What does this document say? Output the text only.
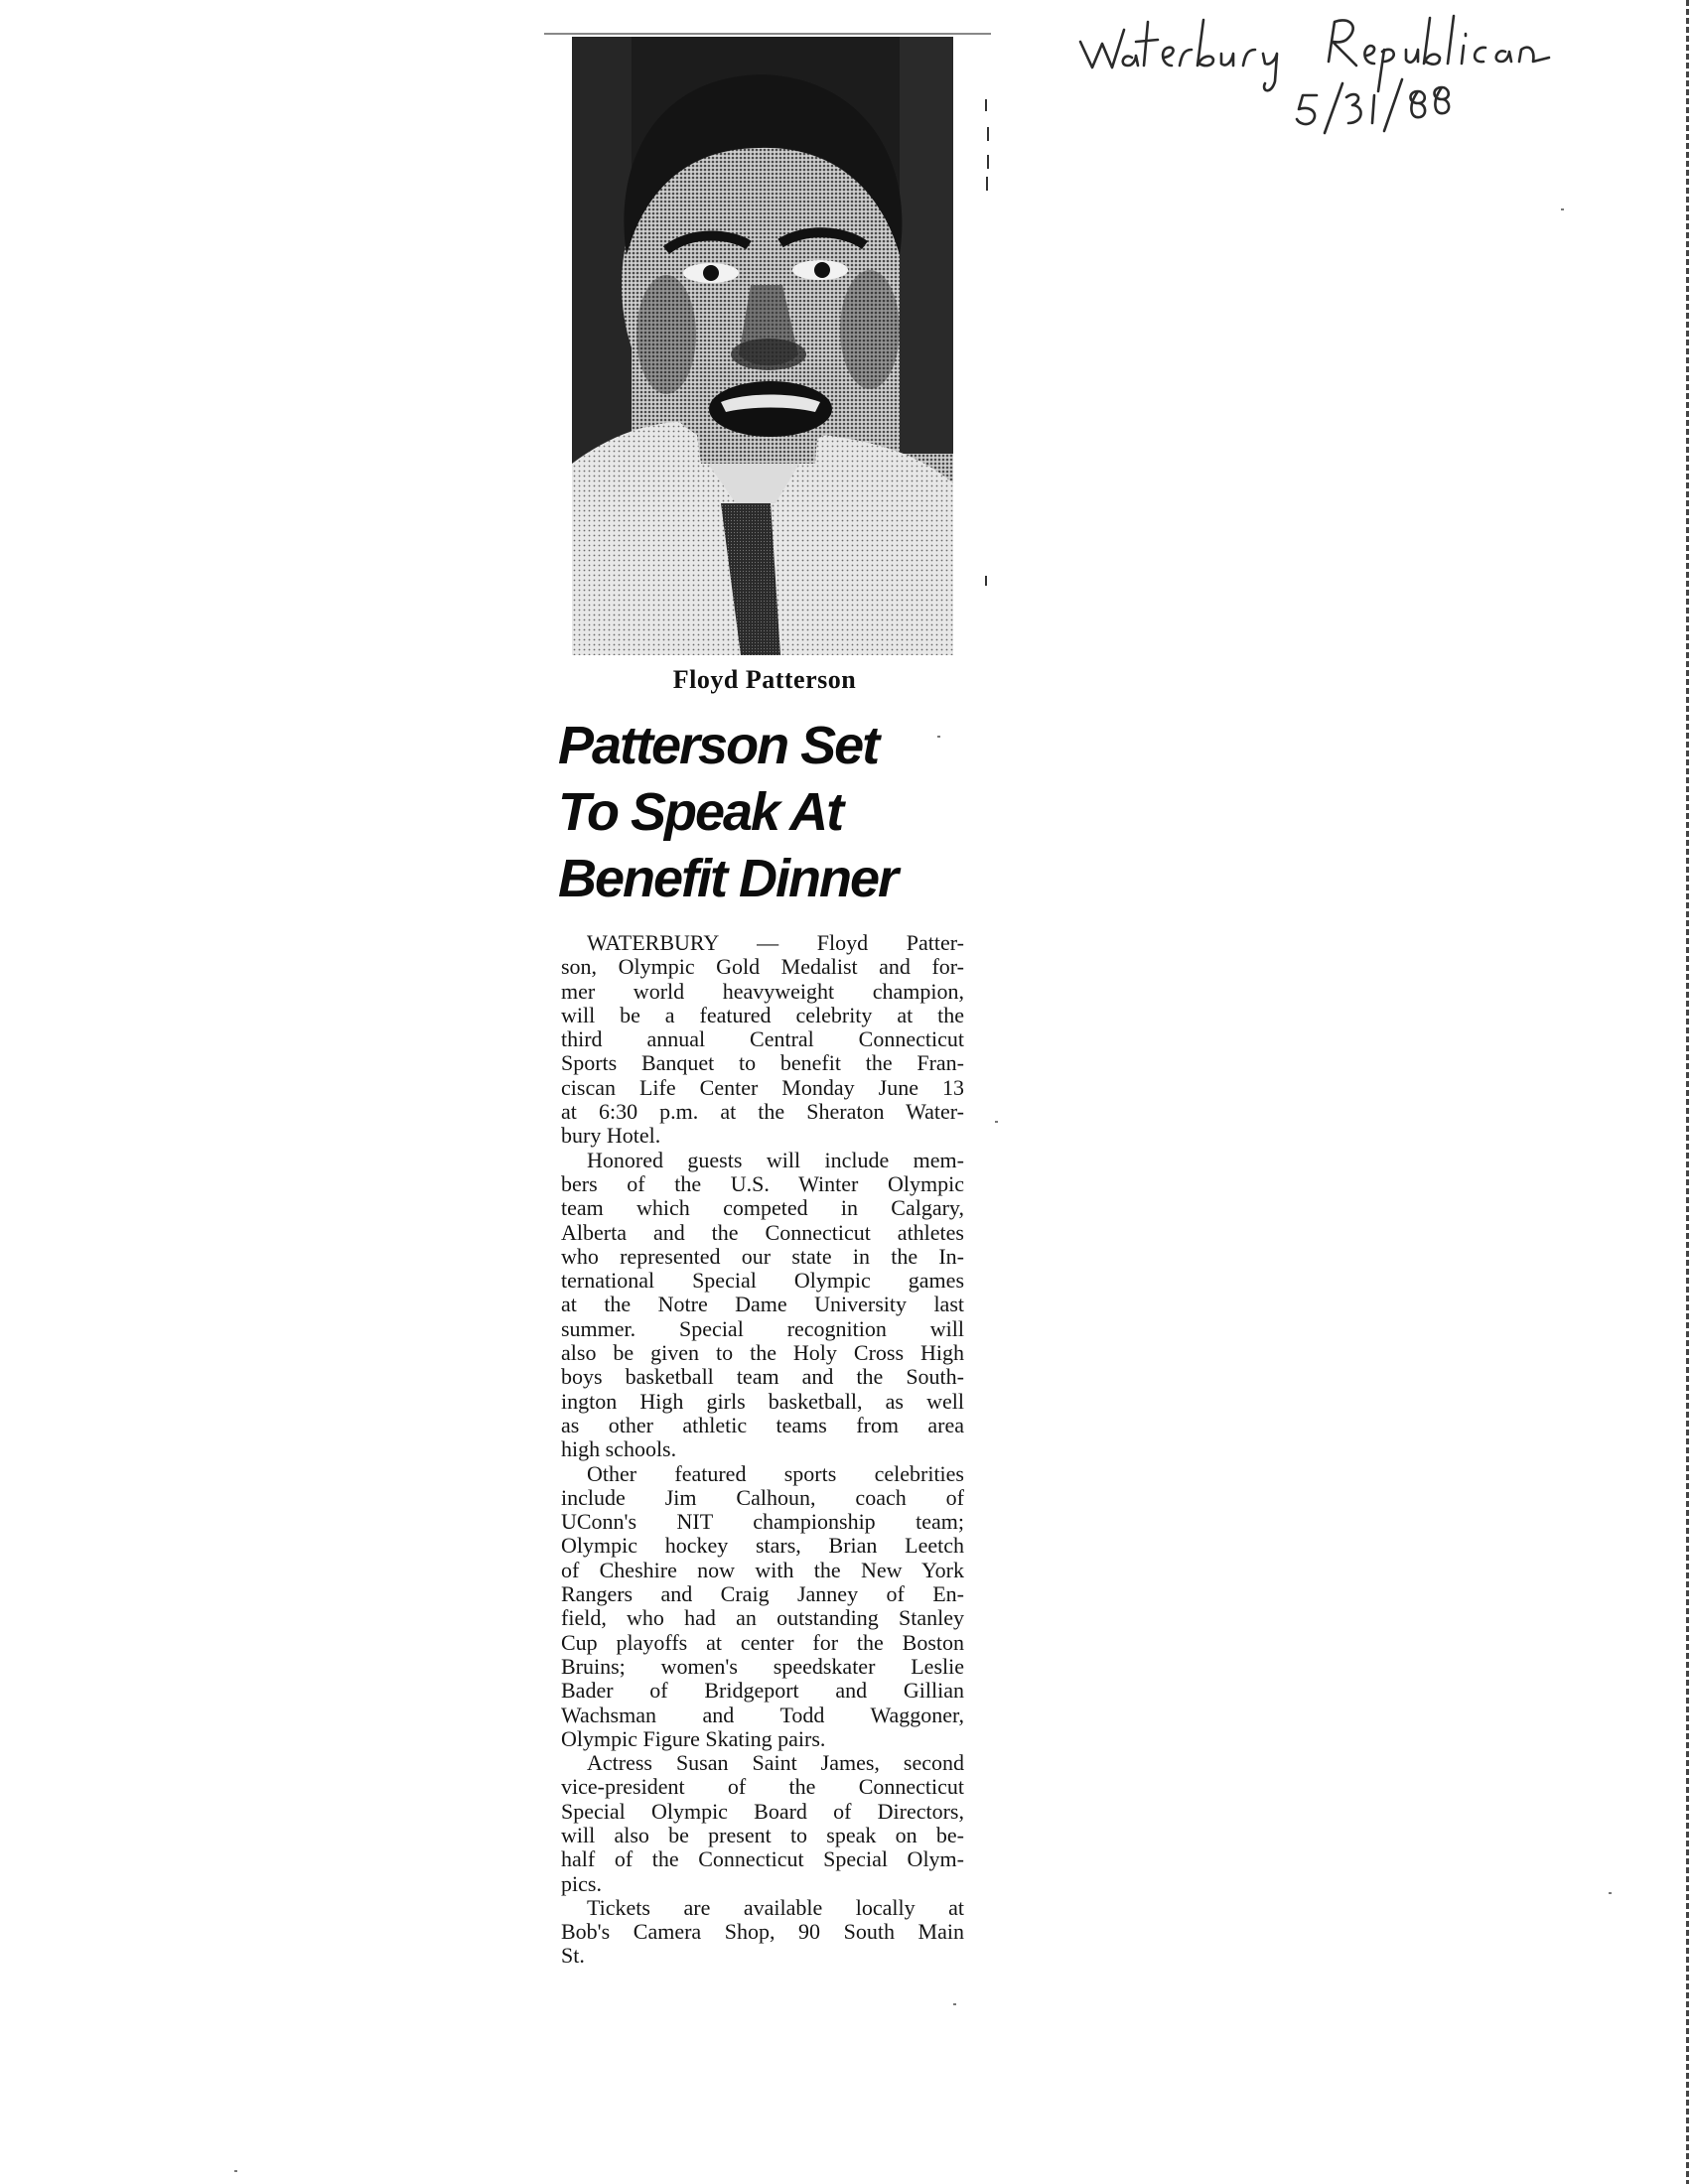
Floyd Patterson
Patterson Set
To Speak At
Benefit Dinner
WATERBURY — Floyd Patter-
son, Olympic Gold Medalist and for-
mer world heavyweight champion,
will be a featured celebrity at the
third annual Central Connecticut
Sports Banquet to benefit the Fran-
ciscan Life Center Monday June 13
at 6:30 p.m. at the Sheraton Water-
bury Hotel.
Honored guests will include mem-
bers of the U.S. Winter Olympic
team which competed in Calgary,
Alberta and the Connecticut athletes
who represented our state in the In-
ternational Special Olympic games
at the Notre Dame University last
summer. Special recognition will
also be given to the Holy Cross High
boys basketball team and the South-
ington High girls basketball, as well
as other athletic teams from area
high schools.
Other featured sports celebrities
include Jim Calhoun, coach of
UConn's NIT championship team;
Olympic hockey stars, Brian Leetch
of Cheshire now with the New York
Rangers and Craig Janney of En-
field, who had an outstanding Stanley
Cup playoffs at center for the Boston
Bruins; women's speedskater Leslie
Bader of Bridgeport and Gillian
Wachsman and Todd Waggoner,
Olympic Figure Skating pairs.
Actress Susan Saint James, second
vice-president of the Connecticut
Special Olympic Board of Directors,
will also be present to speak on be-
half of the Connecticut Special Olym-
pics.
Tickets are available locally at
Bob's Camera Shop, 90 South Main
St.
